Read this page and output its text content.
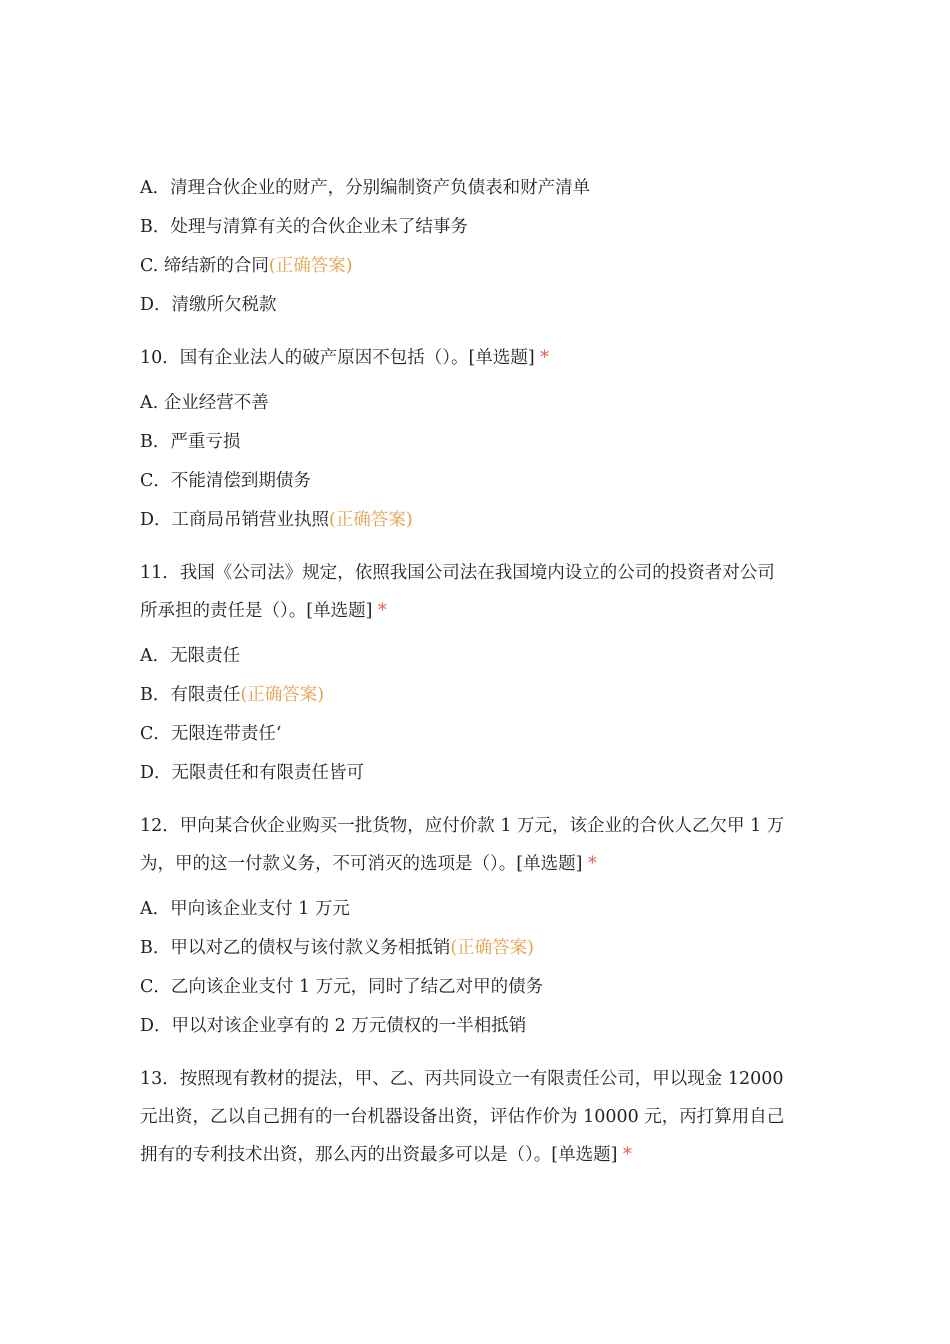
A．清理合伙企业的财产，分别编制资产负债表和财产清单

B．处理与清算有关的合伙企业未了结事务

C. 缔结新的合同(正确答案)

D．清缴所欠税款

10．国有企业法人的破产原因不包括（）。[单选题] *

A. 企业经营不善

B．严重亏损

C．不能清偿到期债务

D．工商局吊销营业执照(正确答案)

11．我国《公司法》规定，依照我国公司法在我国境内设立的公司的投资者对公司

所承担的责任是（）。[单选题] *

A．无限责任

B．有限责任(正确答案)

C．无限连带责任‘

D．无限责任和有限责任皆可

12．甲向某合伙企业购买一批货物，应付价款 1 万元，该企业的合伙人乙欠甲 1 万

为，甲的这一付款义务，不可消灭的选项是（）。[单选题] *

A．甲向该企业支付 1 万元

B．甲以对乙的债权与该付款义务相抵销(正确答案)

C．乙向该企业支付 1 万元，同时了结乙对甲的债务

D．甲以对该企业享有的 2 万元债权的一半相抵销

13．按照现有教材的提法，甲、乙、丙共同设立一有限责任公司，甲以现金 12000

元出资，乙以自己拥有的一台机器设备出资，评估作价为 10000 元，丙打算用自己

拥有的专利技术出资，那么丙的出资最多可以是（）。[单选题] *
